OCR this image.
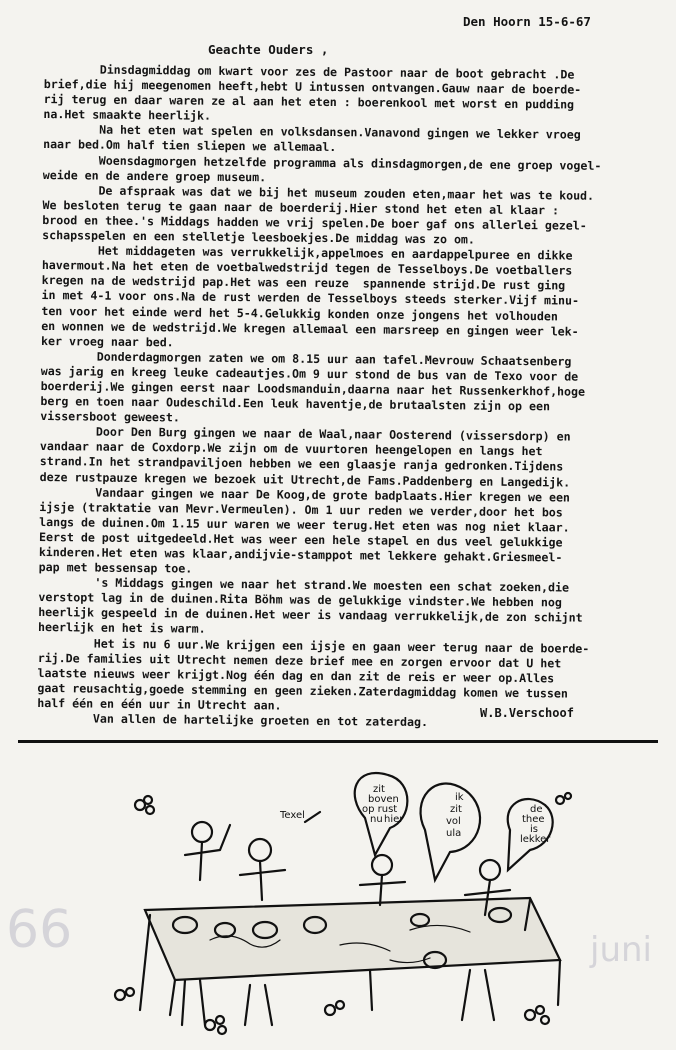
Den Hoorn 15-6-67
Geachte Ouders ,
Dinsdagmiddag om kwart voor zes de Pastoor naar de boot gebracht .De
brief,die hij meegenomen heeft,hebt U intussen ontvangen.Gauw naar de boerde-
rij terug en daar waren ze al aan het eten : boerenkool met worst en pudding
na.Het smaakte heerlijk.
Na het eten wat spelen en volksdansen.Vanavond gingen we lekker vroeg
naar bed.Om half tien sliepen we allemaal.
Woensdagmorgen hetzelfde programma als dinsdagmorgen,de ene groep vogel-
weide en de andere groep museum.
De afspraak was dat we bij het museum zouden eten,maar het was te koud.
We besloten terug te gaan naar de boerderij.Hier stond het eten al klaar :
brood en thee.'s Middags hadden we vrij spelen.De boer gaf ons allerlei gezel-
schapsspelen en een stelletje leesboekjes.De middag was zo om.
Het middageten was verrukkelijk,appelmoes en aardappelpuree en dikke
havermout.Na het eten de voetbalwedstrijd tegen de Tesselboys.De voetballers
kregen na de wedstrijd pap.Het was een reuze  spannende strijd.De rust ging
in met 4-1 voor ons.Na de rust werden de Tesselboys steeds sterker.Vijf minu-
ten voor het einde werd het 5-4.Gelukkig konden onze jongens het volhouden
en wonnen we de wedstrijd.We kregen allemaal een marsreep en gingen weer lek-
ker vroeg naar bed.
Donderdagmorgen zaten we om 8.15 uur aan tafel.Mevrouw Schaatsenberg
was jarig en kreeg leuke cadeautjes.Om 9 uur stond de bus van de Texo voor de
boerderij.We gingen eerst naar Loodsmanduin,daarna naar het Russenkerkhof,hoge
berg en toen naar Oudeschild.Een leuk haventje,de brutaalsten zijn op een
vissersboot geweest.
Door Den Burg gingen we naar de Waal,naar Oosterend (vissersdorp) en
vandaar naar de Coxdorp.We zijn om de vuurtoren heengelopen en langs het
strand.In het strandpaviljoen hebben we een glaasje ranja gedronken.Tijdens
deze rustpauze kregen we bezoek uit Utrecht,de Fams.Paddenberg en Langedijk.
Vandaar gingen we naar De Koog,de grote badplaats.Hier kregen we een
ijsje (traktatie van Mevr.Vermeulen). Om 1 uur reden we verder,door het bos
langs de duinen.Om 1.15 uur waren we weer terug.Het eten was nog niet klaar.
Eerst de post uitgedeeld.Het was weer een hele stapel en dus veel gelukkige
kinderen.Het eten was klaar,andijvie-stamppot met lekkere gehakt.Griesmeel-
pap met bessensap toe.
's Middags gingen we naar het strand.We moesten een schat zoeken,die
verstopt lag in de duinen.Rita Böhm was de gelukkige vindster.We hebben nog
heerlijk gespeeld in de duinen.Het weer is vandaag verrukkelijk,de zon schijnt
heerlijk en het is warm.
Het is nu 6 uur.We krijgen een ijsje en gaan weer terug naar de boerde-
rij.De families uit Utrecht nemen deze brief mee en zorgen ervoor dat U het
laatste nieuws weer krijgt.Nog één dag en dan zit de reis er weer op.Alles
gaat reusachtig,goede stemming en geen zieken.Zaterdagmiddag komen we tussen
half één en één uur in Utrecht aan.
Van allen de hartelijke groeten en tot zaterdag.	W.B.Verschoof
66	juni
Texel
zit
boven
op rust
nu hier
ik
zit
vol
ula
de
thee
is
lekker
